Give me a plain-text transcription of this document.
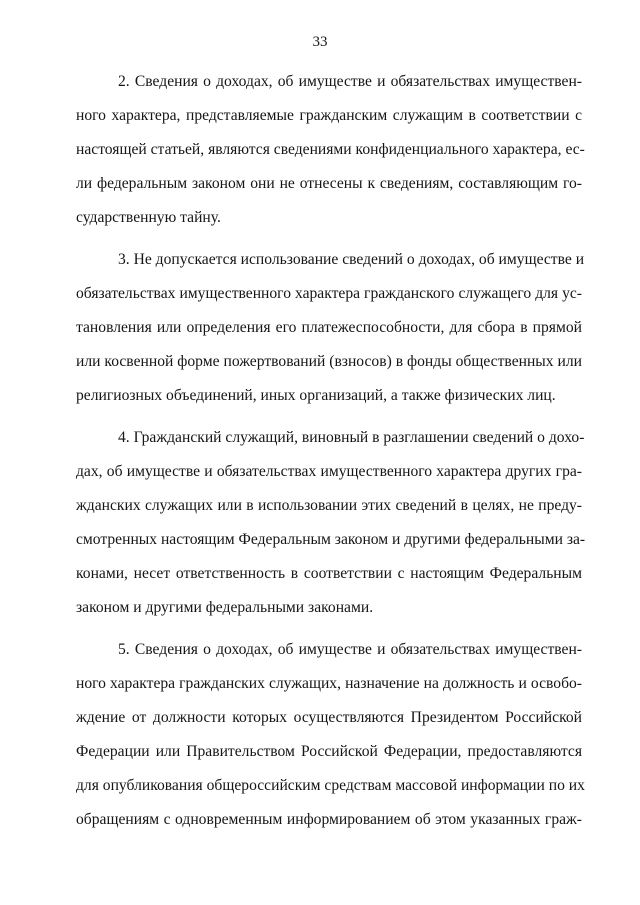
33
2. Сведения о доходах, об имуществе и обязательствах имуществен-
ного характера, представляемые гражданским служащим в соответствии с
настоящей статьей, являются сведениями конфиденциального характера, ес-
ли федеральным законом они не отнесены к сведениям, составляющим го-
сударственную тайну.
3. Не допускается использование сведений о доходах, об имуществе и
обязательствах имущественного характера гражданского служащего для ус-
тановления или определения его платежеспособности, для сбора в прямой
или косвенной форме пожертвований (взносов) в фонды общественных или
религиозных объединений, иных организаций, а также физических лиц.
4. Гражданский служащий, виновный в разглашении сведений о дохо-
дах, об имуществе и обязательствах имущественного характера других гра-
жданских служащих или в использовании этих сведений в целях, не преду-
смотренных настоящим Федеральным законом и другими федеральными за-
конами, несет ответственность в соответствии с настоящим Федеральным
законом и другими федеральными законами.
5. Сведения о доходах, об имуществе и обязательствах имуществен-
ного характера гражданских служащих, назначение на должность и освобо-
ждение от должности которых осуществляются Президентом Российской
Федерации или Правительством Российской Федерации, предоставляются
для опубликования общероссийским средствам массовой информации по их
обращениям с одновременным информированием об этом указанных граж-
